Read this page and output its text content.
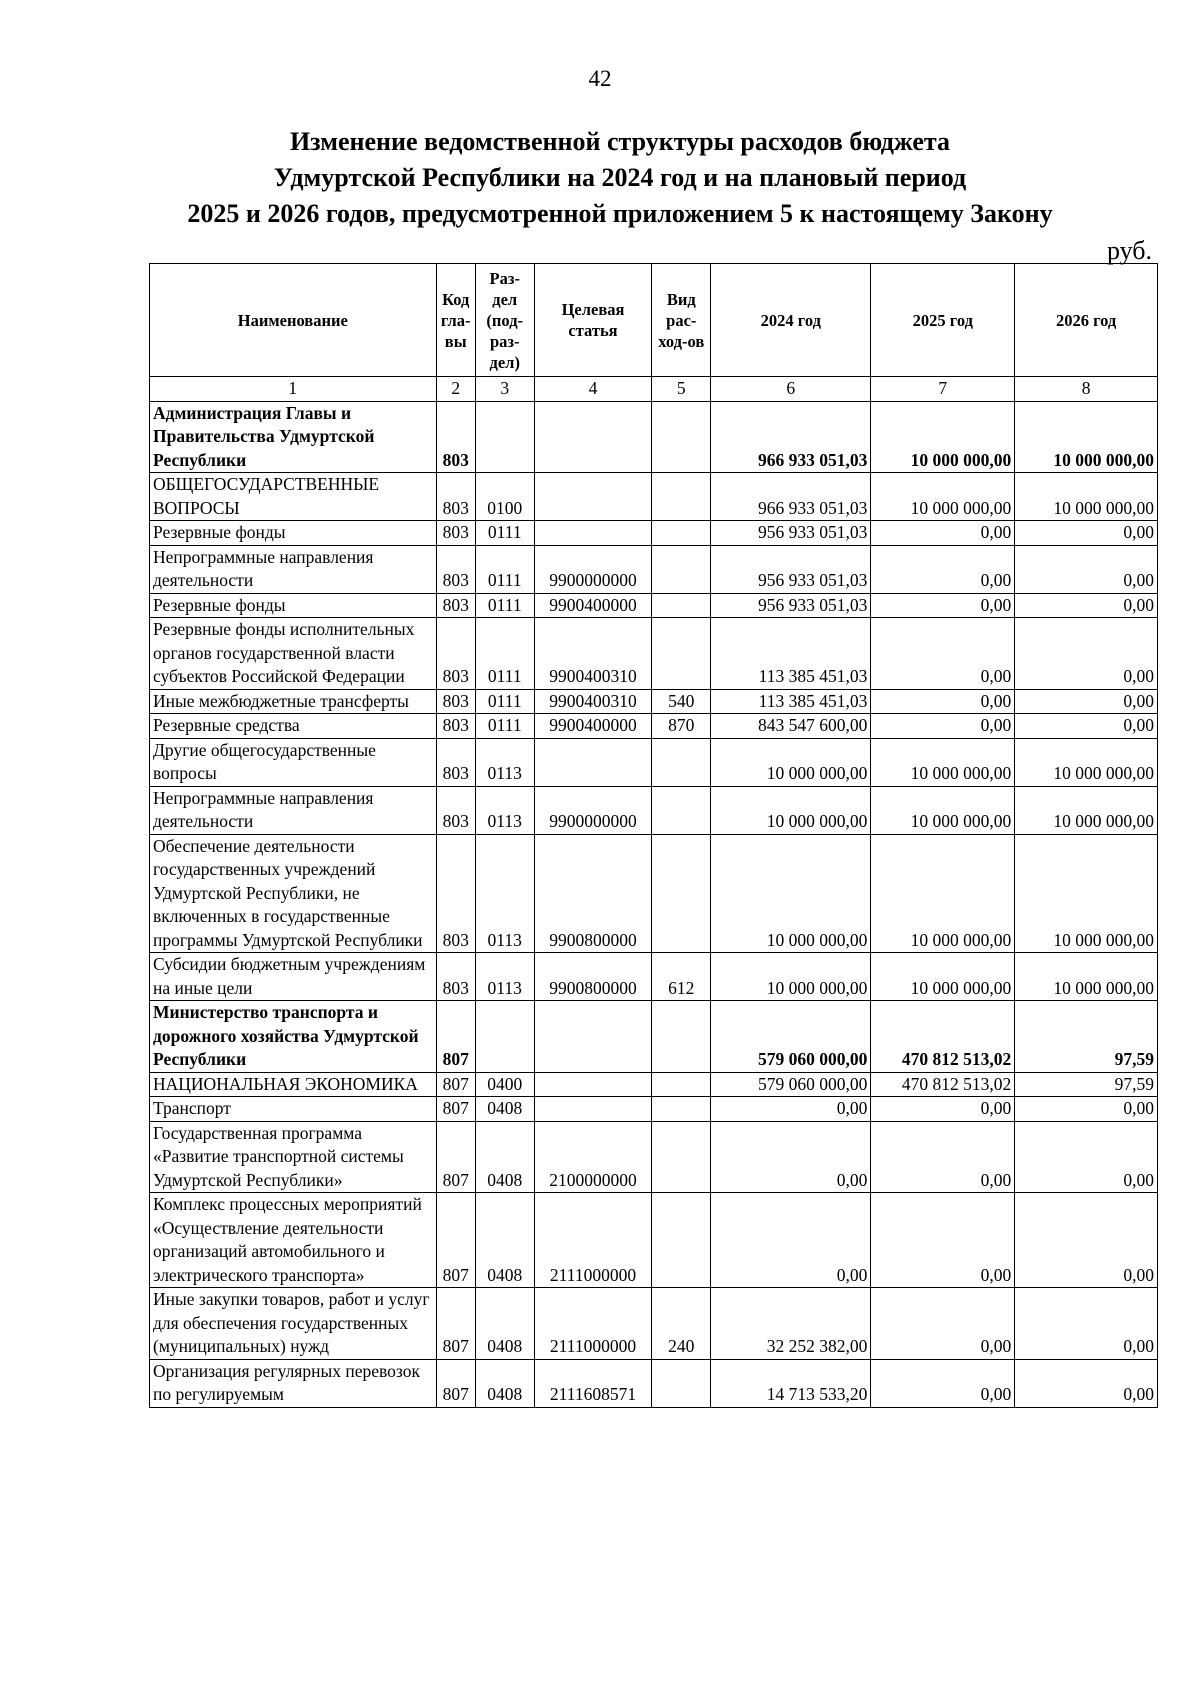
42
Изменение ведомственной структуры расходов бюджета
Удмуртской Республики на 2024 год и на плановый период
2025 и 2026 годов, предусмотренной приложением 5 к настоящему Закону
руб.
Наименование	Код гла-вы	Раз-дел (под-раз-дел)	Целевая статья	Вид рас-ход-ов	2024 год	2025 год	2026 год
1	2	3	4	5	6	7	8
Администрация Главы и Правительства Удмуртской Республики	803				966 933 051,03	10 000 000,00	10 000 000,00
ОБЩЕГОСУДАРСТВЕННЫЕ ВОПРОСЫ	803	0100			966 933 051,03	10 000 000,00	10 000 000,00
Резервные фонды	803	0111			956 933 051,03	0,00	0,00
Непрограммные направления деятельности	803	0111	9900000000		956 933 051,03	0,00	0,00
Резервные фонды	803	0111	9900400000		956 933 051,03	0,00	0,00
Резервные фонды исполнительных органов государственной власти субъектов Российской Федерации	803	0111	9900400310		113 385 451,03	0,00	0,00
Иные межбюджетные трансферты	803	0111	9900400310	540	113 385 451,03	0,00	0,00
Резервные средства	803	0111	9900400000	870	843 547 600,00	0,00	0,00
Другие общегосударственные вопросы	803	0113			10 000 000,00	10 000 000,00	10 000 000,00
Непрограммные направления деятельности	803	0113	9900000000		10 000 000,00	10 000 000,00	10 000 000,00
Обеспечение деятельности государственных учреждений Удмуртской Республики, не включенных в государственные программы Удмуртской Республики	803	0113	9900800000		10 000 000,00	10 000 000,00	10 000 000,00
Субсидии бюджетным учреждениям на иные цели	803	0113	9900800000	612	10 000 000,00	10 000 000,00	10 000 000,00
Министерство транспорта и дорожного хозяйства Удмуртской Республики	807				579 060 000,00	470 812 513,02	97,59
НАЦИОНАЛЬНАЯ ЭКОНОМИКА	807	0400			579 060 000,00	470 812 513,02	97,59
Транспорт	807	0408			0,00	0,00	0,00
Государственная программа «Развитие транспортной системы Удмуртской Республики»	807	0408	2100000000		0,00	0,00	0,00
Комплекс процессных мероприятий «Осуществление деятельности организаций автомобильного и электрического транспорта»	807	0408	2111000000		0,00	0,00	0,00
Иные закупки товаров, работ и услуг для обеспечения государственных (муниципальных) нужд	807	0408	2111000000	240	32 252 382,00	0,00	0,00
Организация регулярных перевозок по регулируемым	807	0408	2111608571		14 713 533,20	0,00	0,00
